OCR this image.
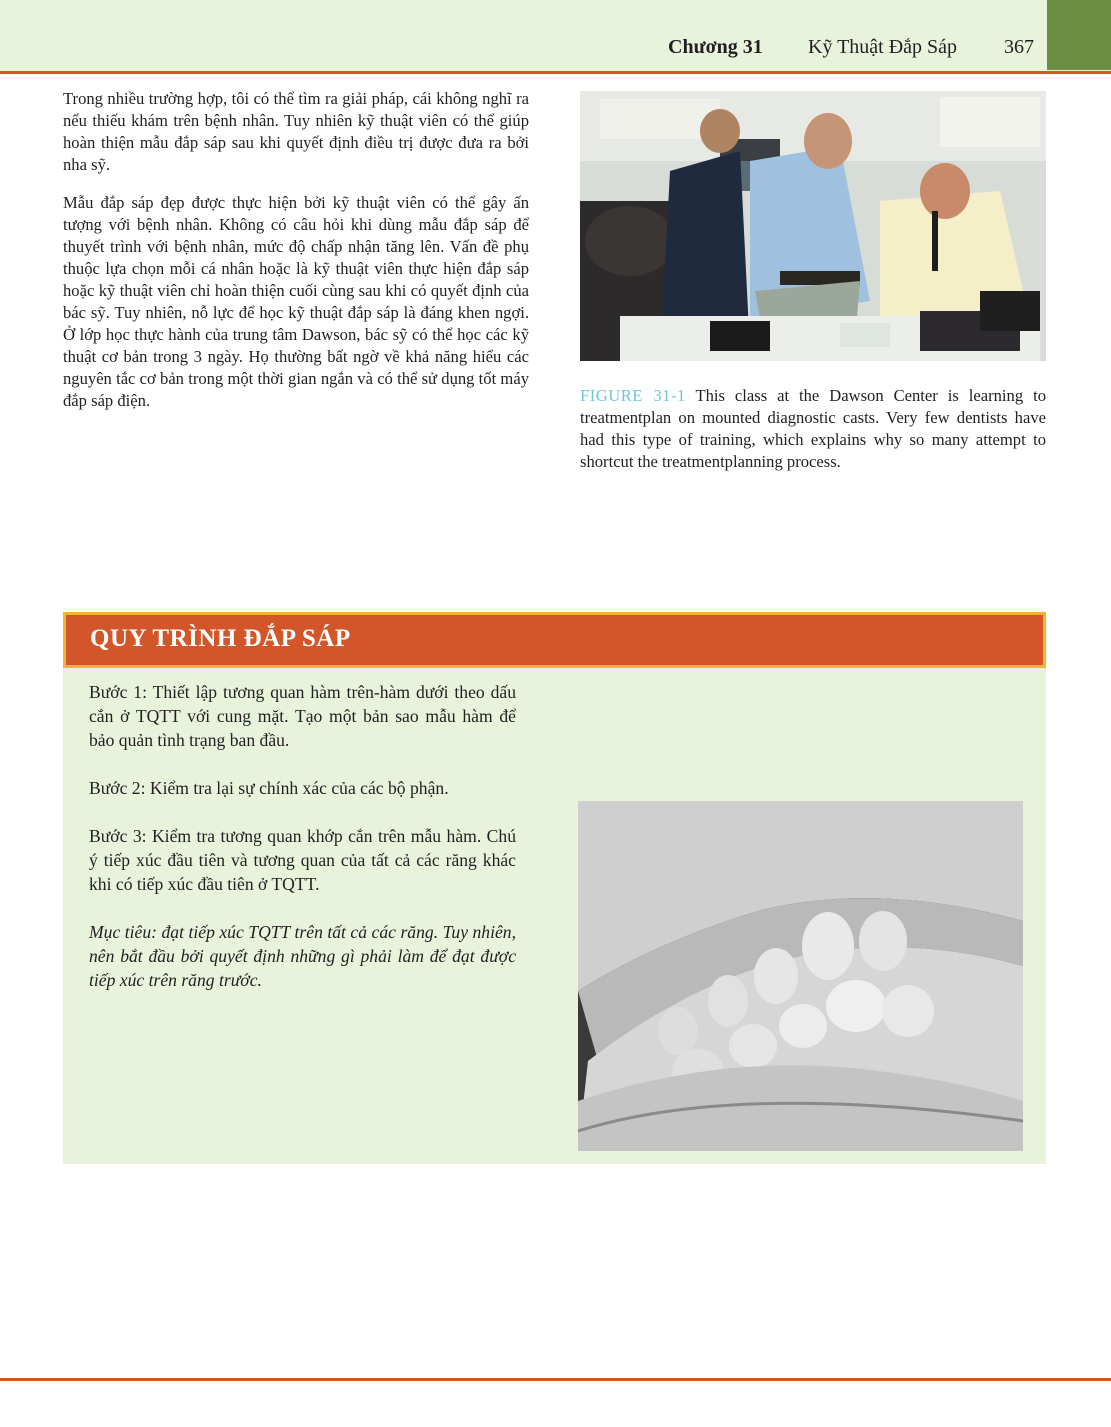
Chương 31 Kỹ Thuật Đắp Sáp 367

Trong nhiều trường hợp, tôi có thể tìm ra giải pháp, cái không nghĩ ra nếu thiếu khám trên bệnh nhân. Tuy nhiên kỹ thuật viên có thể giúp hoàn thiện mẫu đắp sáp sau khi quyết định điều trị được đưa ra bởi nha sỹ.

Mẫu đắp sáp đẹp được thực hiện bởi kỹ thuật viên có thể gây ấn tượng với bệnh nhân. Không có câu hỏi khi dùng mẫu đắp sáp để thuyết trình với bệnh nhân, mức độ chấp nhận tăng lên. Vấn đề phụ thuộc lựa chọn mỗi cá nhân hoặc là kỹ thuật viên thực hiện đắp sáp hoặc kỹ thuật viên chỉ hoàn thiện cuối cùng sau khi có quyết định của bác sỹ. Tuy nhiên, nỗ lực để học kỹ thuật đắp sáp là đáng khen ngợi. Ở lớp học thực hành của trung tâm Dawson, bác sỹ có thể học các kỹ thuật cơ bản trong 3 ngày. Họ thường bất ngờ về khả năng hiểu các nguyên tắc cơ bản trong một thời gian ngắn và có thể sử dụng tốt máy đắp sáp điện.	FIGURE 31-1 This class at the Dawson Center is learning to treatmentplan on mounted diagnostic casts. Very few dentists have had this type of training, which explains why so many attempt to shortcut the treatmentplanning process.
QUY TRÌNH ĐẮP SÁP

Bước 1: Thiết lập tương quan hàm trên-hàm dưới theo dấu cắn ở TQTT với cung mặt. Tạo một bản sao mẫu hàm để bảo quản tình trạng ban đầu.

Bước 2: Kiểm tra lại sự chính xác của các bộ phận.

Bước 3: Kiểm tra tương quan khớp cắn trên mẫu hàm. Chú ý tiếp xúc đầu tiên và tương quan của tất cả các răng khác khi có tiếp xúc đầu tiên ở TQTT.

Mục tiêu: đạt tiếp xúc TQTT trên tất cả các răng. Tuy nhiên, nên bắt đầu bởi quyết định những gì phải làm để đạt được tiếp xúc trên răng trước.
